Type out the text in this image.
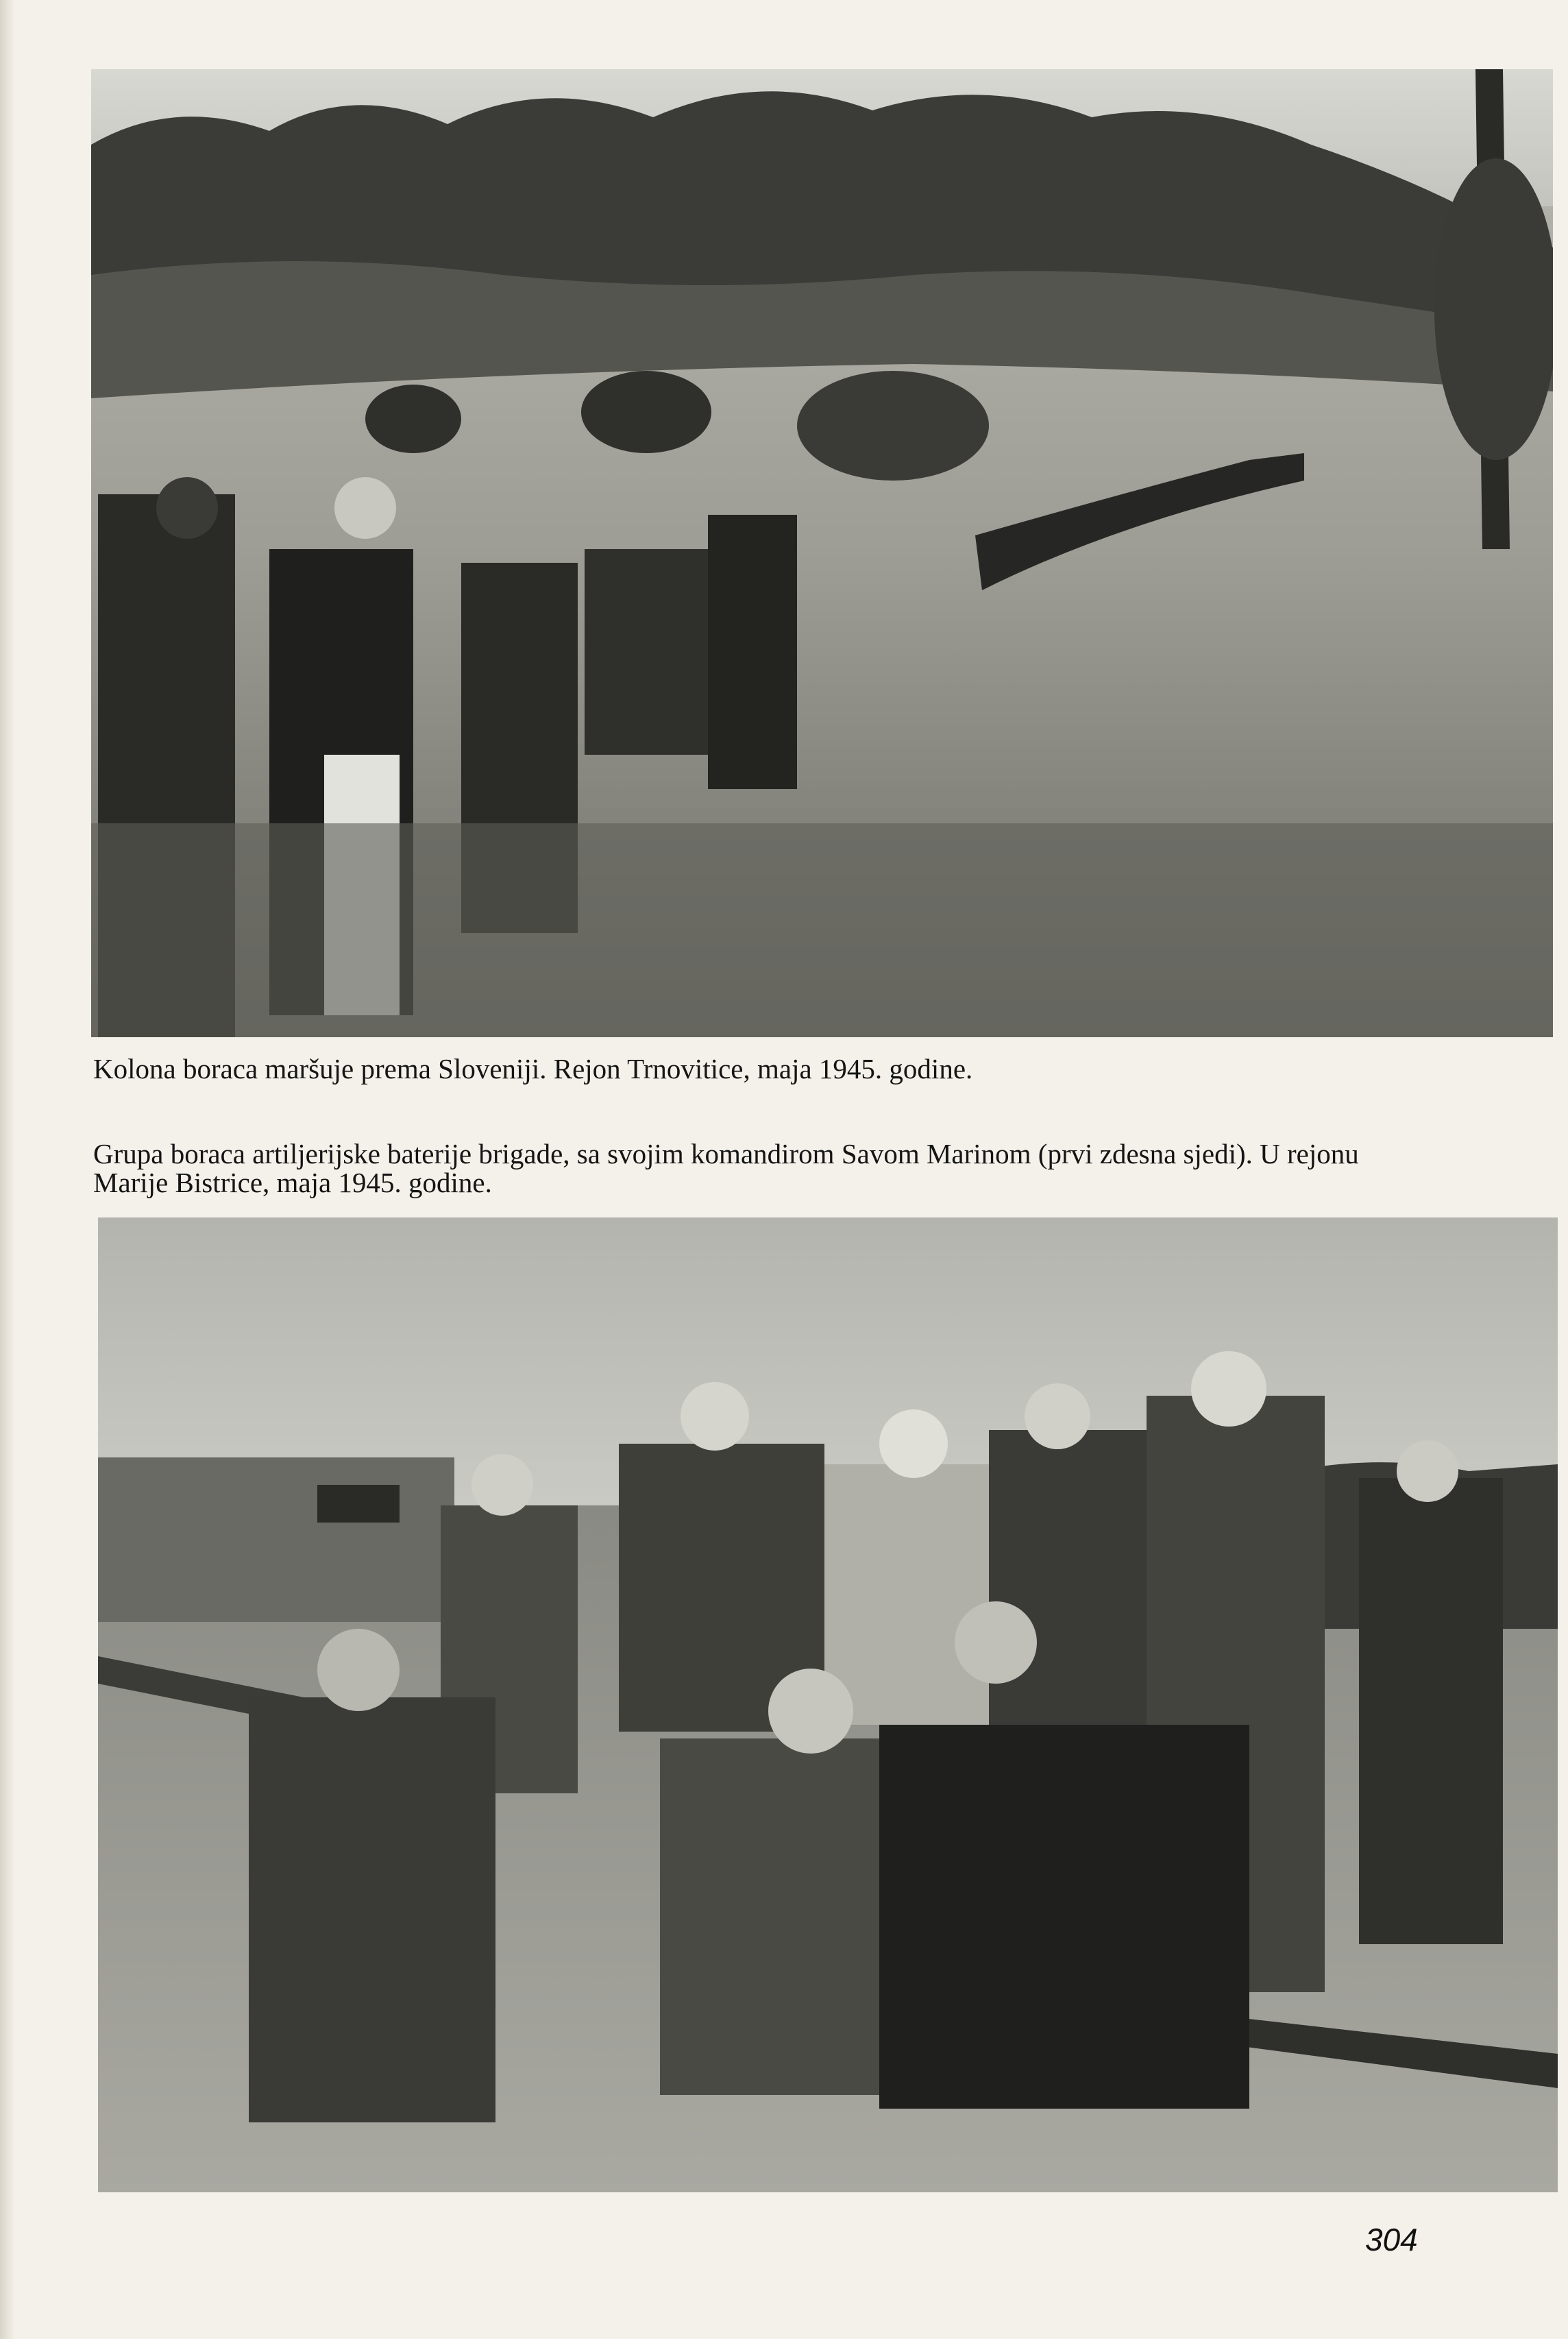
Kolona boraca maršuje prema Sloveniji. Rejon Trnovitice, maja 1945. godine.
Grupa boraca artiljerijske baterije brigade, sa svojim komandirom Savom Marinom (prvi zdesna sjedi). U rejonu
Marije Bistrice, maja 1945. godine.
304
